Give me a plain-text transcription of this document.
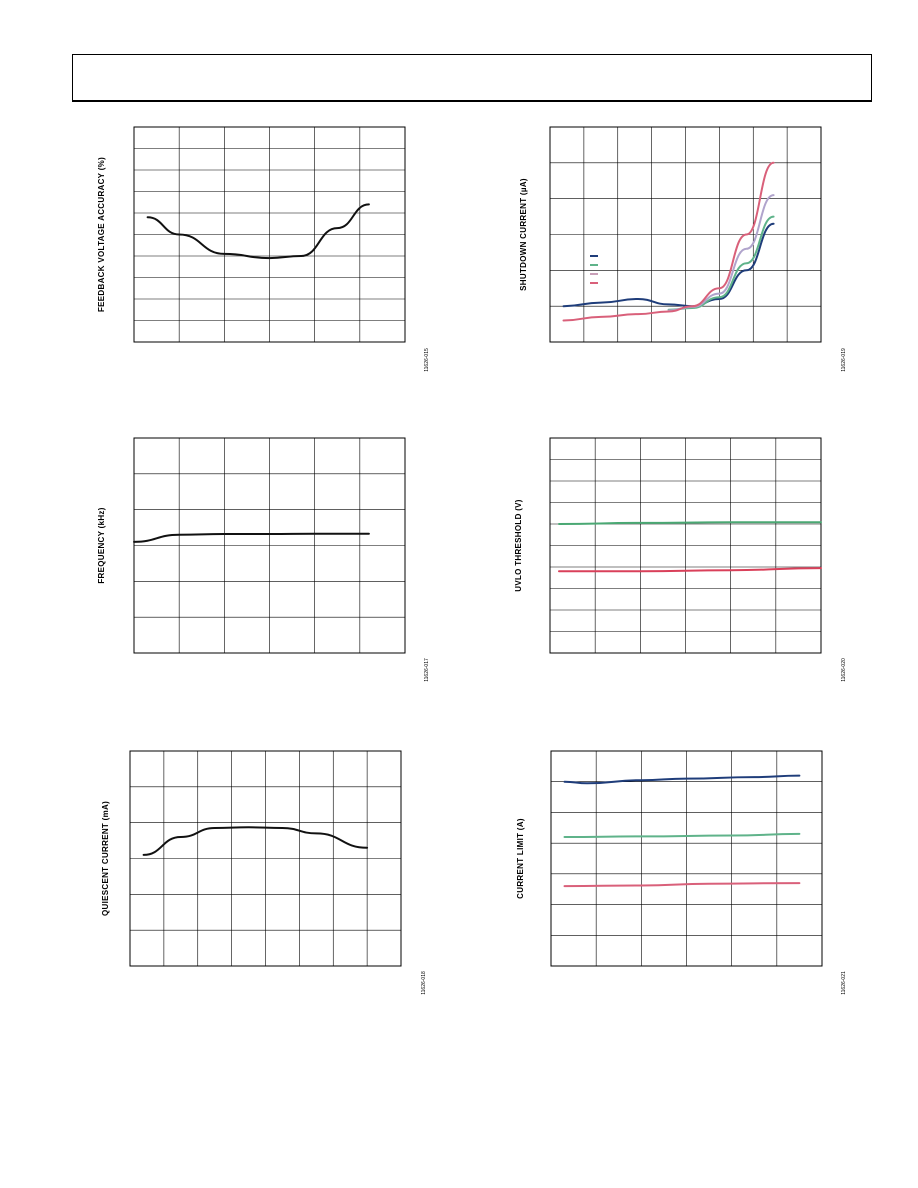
FEEDBACK VOLTAGE ACCURACY (%)
11626-015
SHUTDOWN CURRENT (µA)
11626-019
FREQUENCY (kHz)
11626-017
UVLO THRESHOLD (V)
11626-020
QUIESCENT CURRENT (mA)
11626-018
CURRENT LIMIT (A)
11626-021
